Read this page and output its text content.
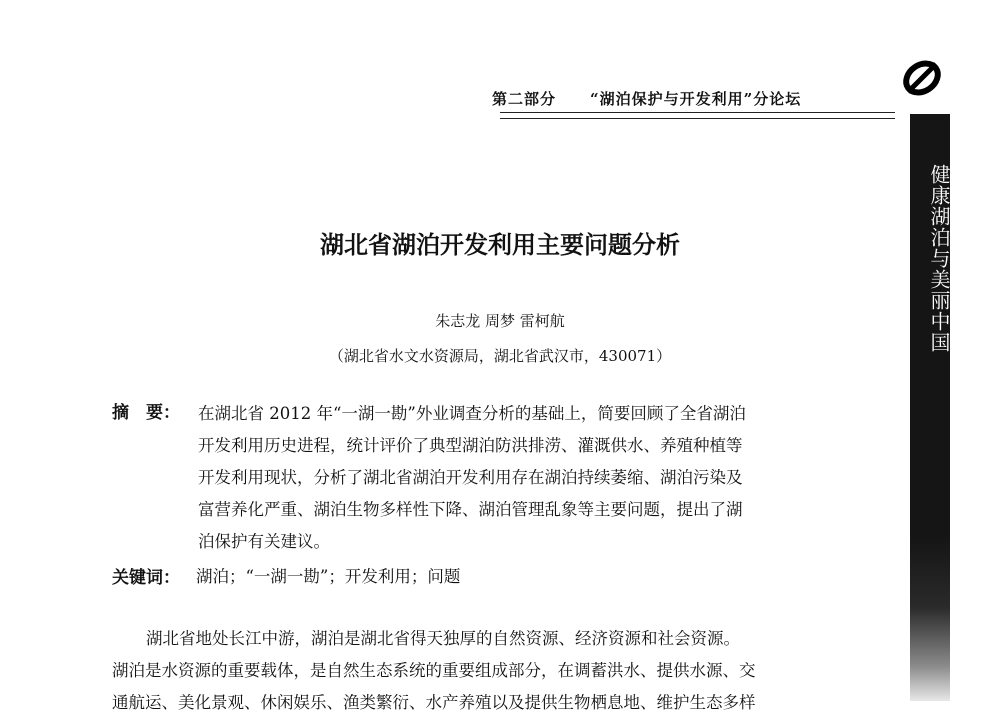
第二部分 “湖泊保护与开发利用”分论坛
健康湖泊与美丽中国
湖北省湖泊开发利用主要问题分析
朱志龙 周梦 雷柯航
（湖北省水文水资源局，湖北省武汉市，430071）
摘　要： 在湖北省 2012 年“一湖一勘”外业调查分析的基础上，简要回顾了全省湖泊
开发利用历史进程，统计评价了典型湖泊防洪排涝、灌溉供水、养殖种植等
开发利用现状，分析了湖北省湖泊开发利用存在湖泊持续萎缩、湖泊污染及
富营养化严重、湖泊生物多样性下降、湖泊管理乱象等主要问题，提出了湖
泊保护有关建议。
关键词： 湖泊；“一湖一勘”；开发利用；问题
湖北省地处长江中游，湖泊是湖北省得天独厚的自然资源、经济资源和社会资源。
湖泊是水资源的重要载体，是自然生态系统的重要组成部分，在调蓄洪水、提供水源、交
通航运、美化景观、休闲娱乐、渔类繁衍、水产养殖以及提供生物栖息地、维护生态多样
